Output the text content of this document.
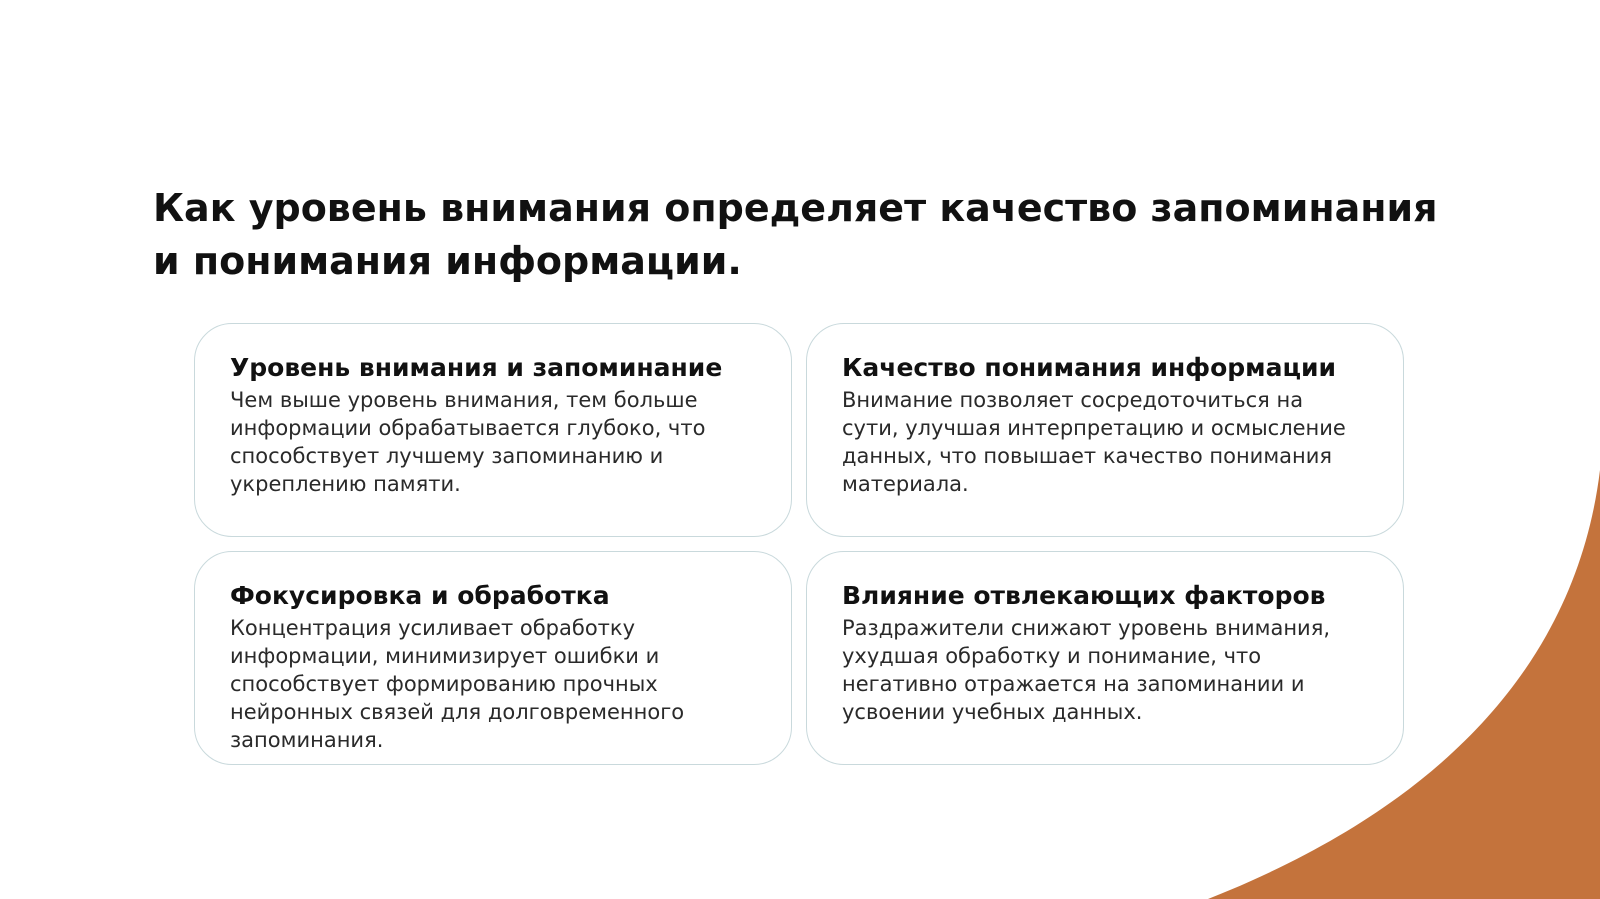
Как уровень внимания определяет качество запоминания
и понимания информации.
Уровень внимания и запоминание

Чем выше уровень внимания, тем больше
информации обрабатывается глубоко, что
способствует лучшему запоминанию и
укреплению памяти.

Качество понимания информации

Внимание позволяет сосредоточиться на
сути, улучшая интерпретацию и осмысление
данных, что повышает качество понимания
материала.

Фокусировка и обработка

Концентрация усиливает обработку
информации, минимизирует ошибки и
способствует формированию прочных
нейронных связей для долговременного
запоминания.

Влияние отвлекающих факторов

Раздражители снижают уровень внимания,
ухудшая обработку и понимание, что
негативно отражается на запоминании и
усвоении учебных данных.
